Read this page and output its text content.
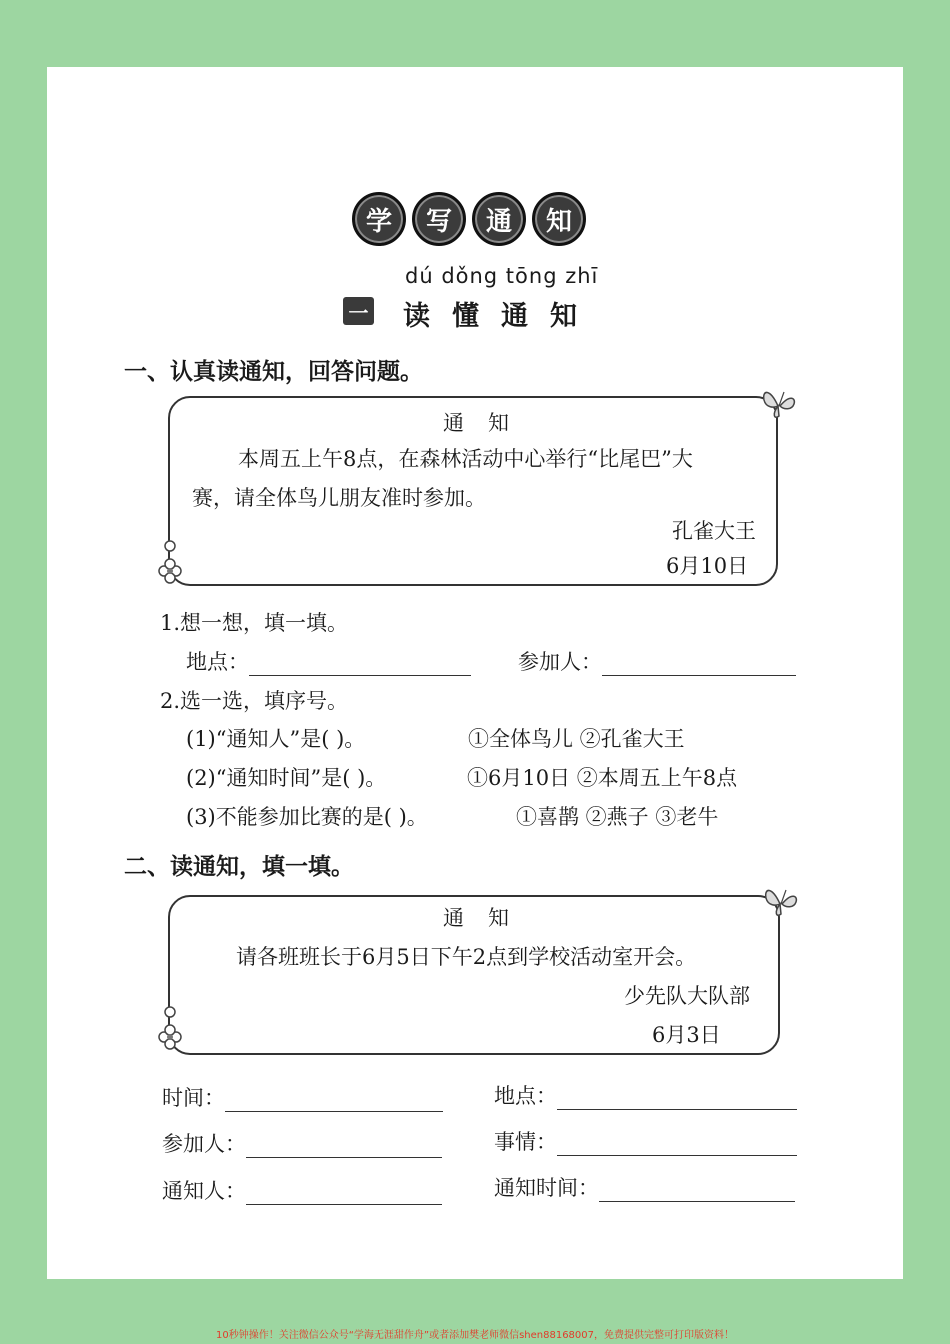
学	写	通	知
dú dǒng tōng zhī
一 读懂通知
一、认真读通知，回答问题。
通知
本周五上午8点，在森林活动中心举行“比尾巴”大
赛，请全体鸟儿朋友准时参加。
孔雀大王
6月10日
1.想一想，填一填。
地点：	参加人：
2.选一选，填序号。
(1)“通知人”是( )。	①全体鸟儿 ②孔雀大王
(2)“通知时间”是( )。	①6月10日 ②本周五上午8点
(3)不能参加比赛的是( )。	①喜鹊 ②燕子 ③老牛
二、读通知，填一填。
通知
请各班班长于6月5日下午2点到学校活动室开会。
少先队大队部
6月3日
时间：	地点：
参加人：	事情：
通知人：	通知时间：
10秒钟操作！关注微信公众号“学海无涯甜作舟”或者添加樊老师微信shen88168007，免费提供完整可打印版资料！
